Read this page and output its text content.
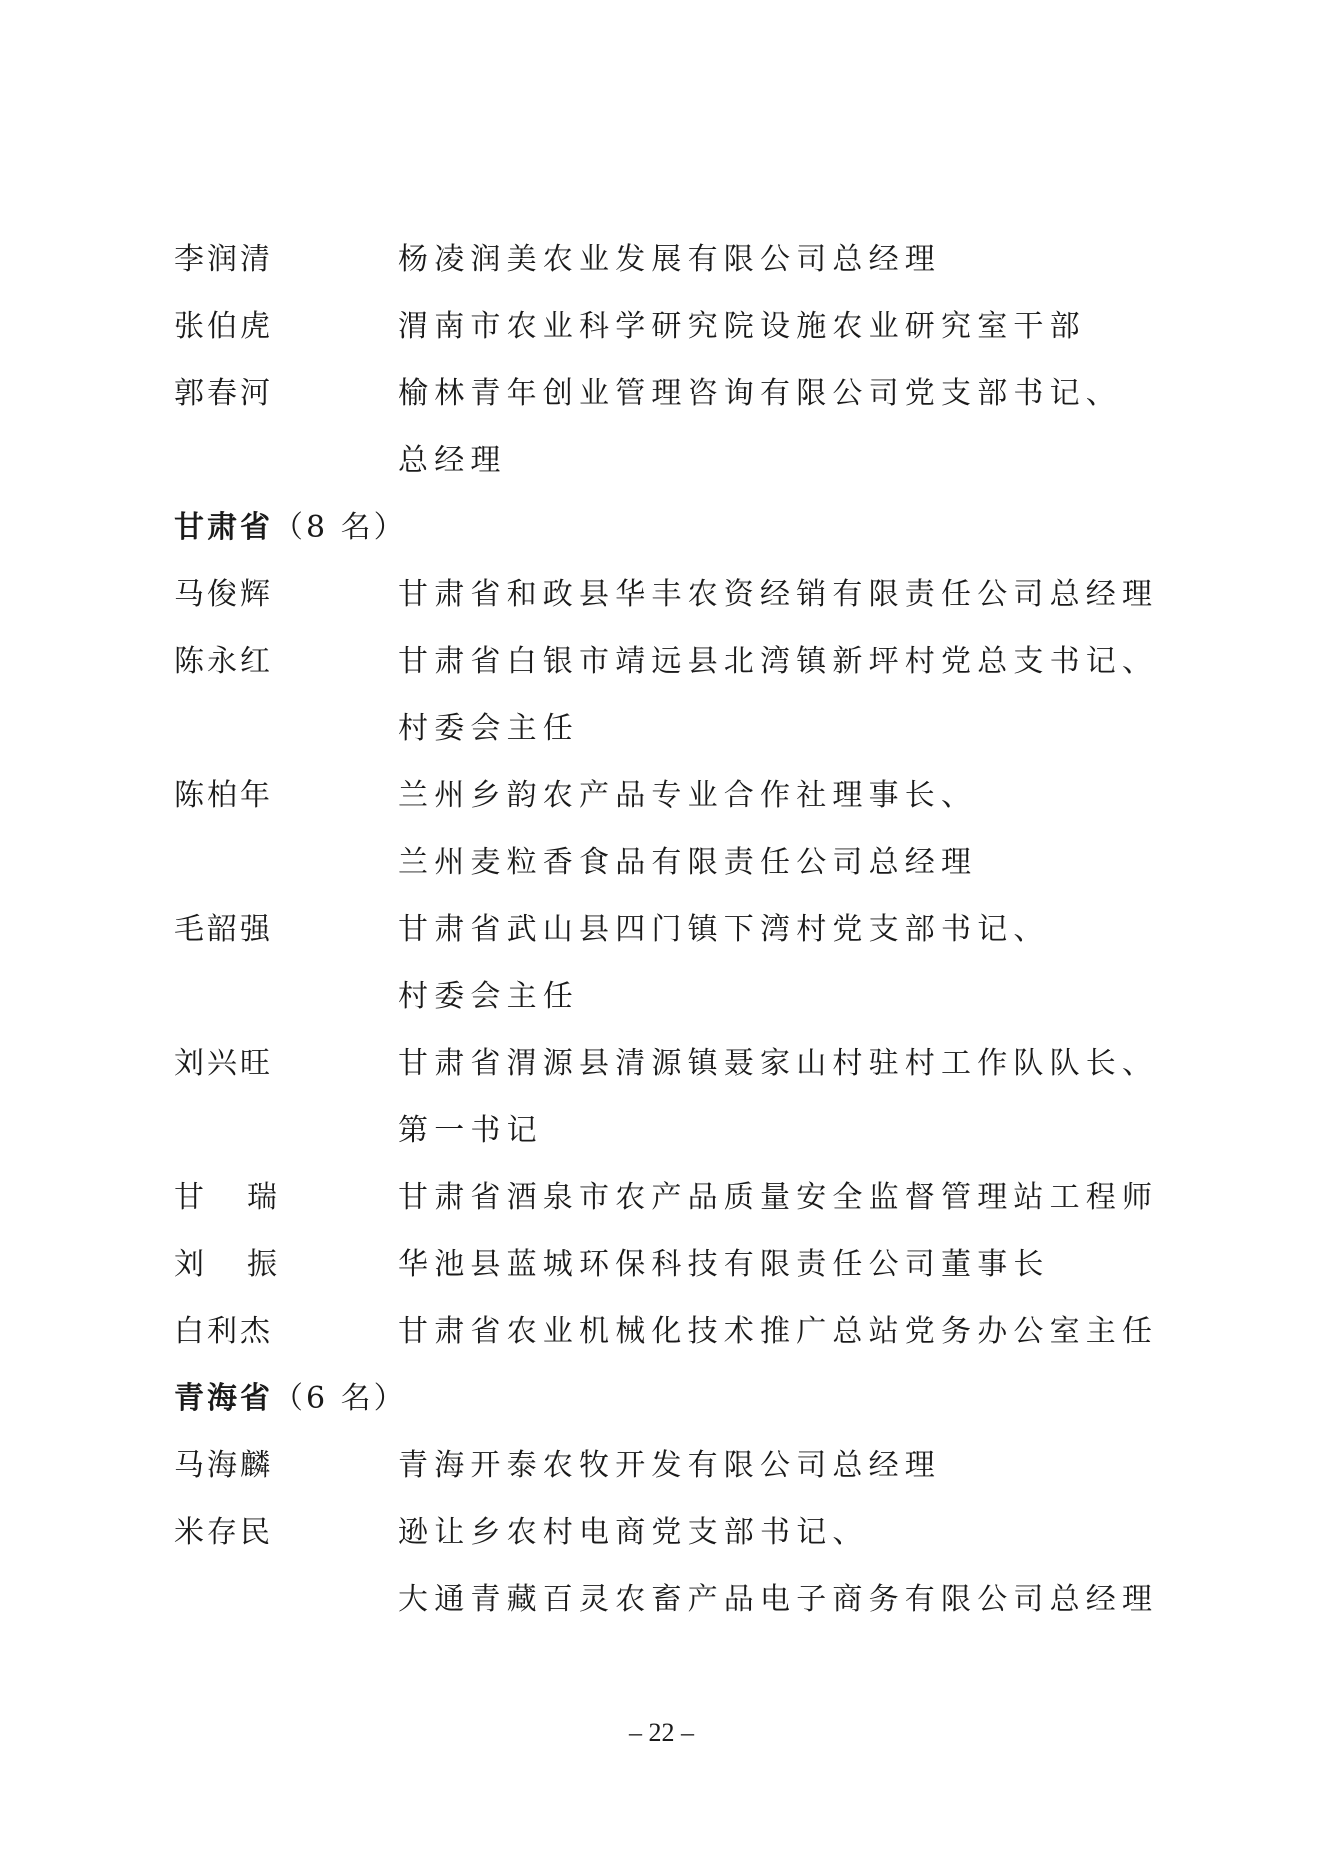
李润清	杨凌润美农业发展有限公司总经理
张伯虎	渭南市农业科学研究院设施农业研究室干部
郭春河	榆林青年创业管理咨询有限公司党支部书记、
总经理
甘肃省（8 名）
马俊辉	甘肃省和政县华丰农资经销有限责任公司总经理
陈永红	甘肃省白银市靖远县北湾镇新坪村党总支书记、
村委会主任
陈柏年	兰州乡韵农产品专业合作社理事长、
兰州麦粒香食品有限责任公司总经理
毛韶强	甘肃省武山县四门镇下湾村党支部书记、
村委会主任
刘兴旺	甘肃省渭源县清源镇聂家山村驻村工作队队长、
第一书记
甘瑞	甘肃省酒泉市农产品质量安全监督管理站工程师
刘振	华池县蓝城环保科技有限责任公司董事长
白利杰	甘肃省农业机械化技术推广总站党务办公室主任
青海省（6 名）
马海麟	青海开泰农牧开发有限公司总经理
米存民	逊让乡农村电商党支部书记、
大通青藏百灵农畜产品电子商务有限公司总经理
– 22 –
